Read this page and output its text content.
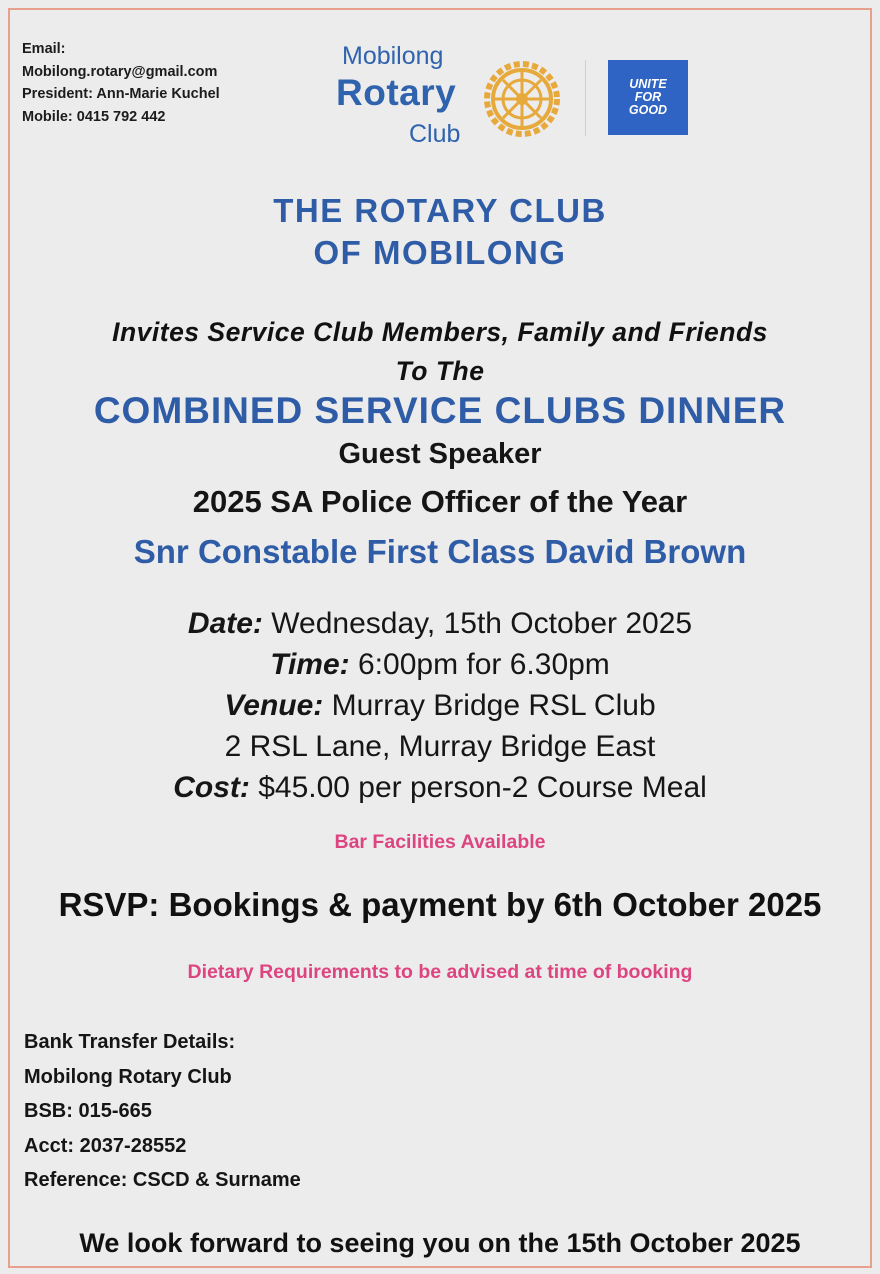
Email:
Mobilong.rotary@gmail.com
President: Ann-Marie Kuchel
Mobile: 0415 792 442
Mobilong
Rotary
Club
UNITE
FOR
GOOD
THE ROTARY CLUB
OF MOBILONG
Invites Service Club Members, Family and Friends
To The
COMBINED SERVICE CLUBS DINNER
Guest Speaker
2025 SA Police Officer of the Year
Snr Constable First Class David Brown
Date: Wednesday, 15th October 2025
Time: 6:00pm for 6.30pm
Venue: Murray Bridge RSL Club
2 RSL Lane, Murray Bridge East
Cost: $45.00 per person-2 Course Meal
Bar Facilities Available
RSVP: Bookings & payment by 6th October 2025
Dietary Requirements to be advised at time of booking
Bank Transfer Details:
Mobilong Rotary Club
BSB: 015-665
Acct: 2037-28552
Reference: CSCD & Surname
We look forward to seeing you on the 15th October 2025
